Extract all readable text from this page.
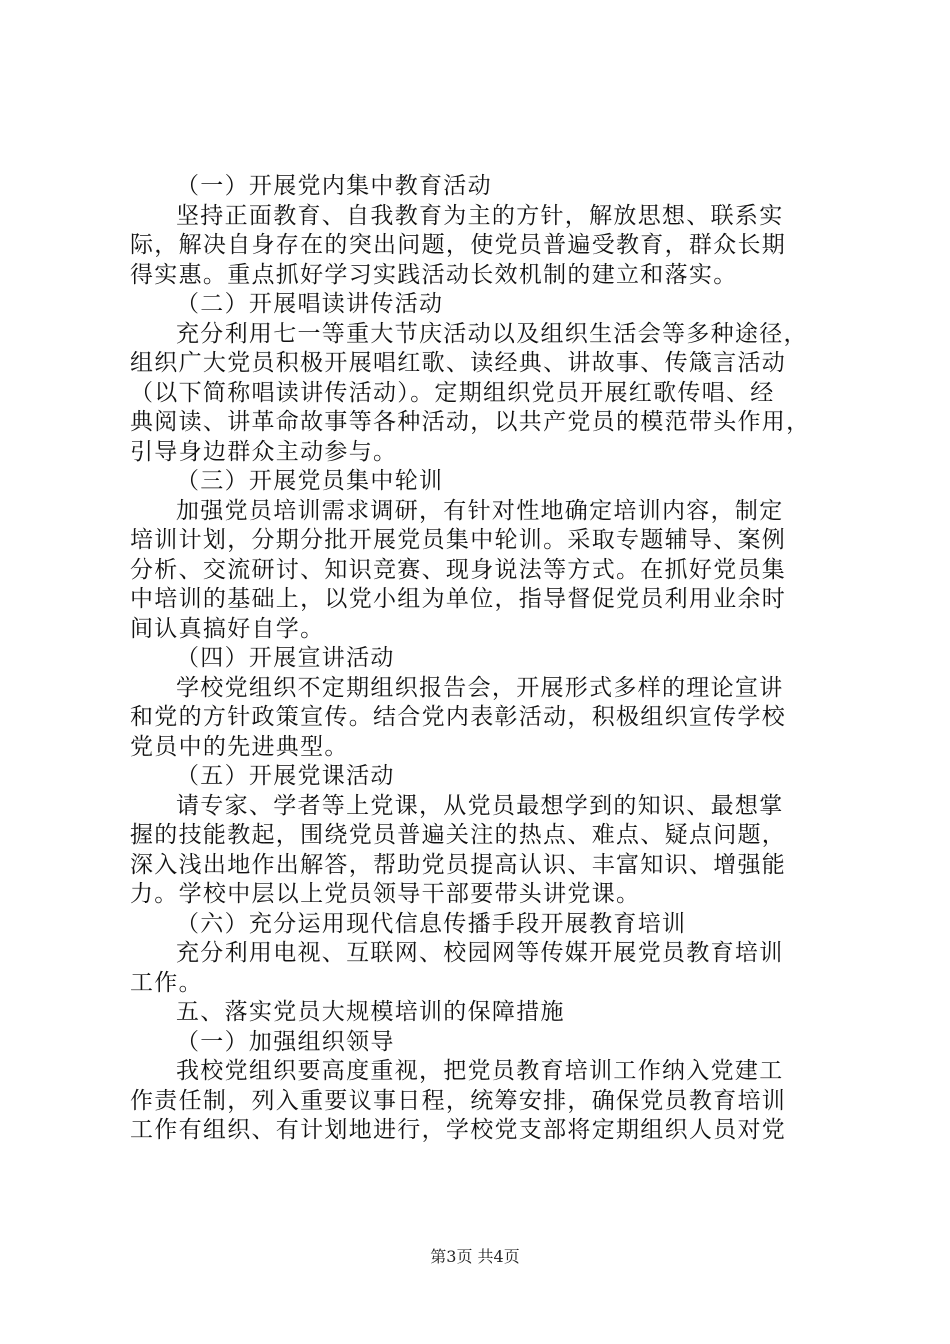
（一）开展党内集中教育活动
坚持正面教育、自我教育为主的方针，解放思想、联系实
际，解决自身存在的突出问题，使党员普遍受教育，群众长期
得实惠。重点抓好学习实践活动长效机制的建立和落实。
（二）开展唱读讲传活动
充分利用七一等重大节庆活动以及组织生活会等多种途径，
组织广大党员积极开展唱红歌、读经典、讲故事、传箴言活动
（以下简称唱读讲传活动）。定期组织党员开展红歌传唱、经
典阅读、讲革命故事等各种活动，以共产党员的模范带头作用，
引导身边群众主动参与。
（三）开展党员集中轮训
加强党员培训需求调研，有针对性地确定培训内容，制定
培训计划，分期分批开展党员集中轮训。采取专题辅导、案例
分析、交流研讨、知识竞赛、现身说法等方式。在抓好党员集
中培训的基础上，以党小组为单位，指导督促党员利用业余时
间认真搞好自学。
（四）开展宣讲活动
学校党组织不定期组织报告会，开展形式多样的理论宣讲
和党的方针政策宣传。结合党内表彰活动，积极组织宣传学校
党员中的先进典型。
（五）开展党课活动
请专家、学者等上党课，从党员最想学到的知识、最想掌
握的技能教起，围绕党员普遍关注的热点、难点、疑点问题，
深入浅出地作出解答，帮助党员提高认识、丰富知识、增强能
力。学校中层以上党员领导干部要带头讲党课。
（六）充分运用现代信息传播手段开展教育培训
充分利用电视、互联网、校园网等传媒开展党员教育培训
工作。
五、落实党员大规模培训的保障措施
（一）加强组织领导
我校党组织要高度重视，把党员教育培训工作纳入党建工
作责任制，列入重要议事日程，统筹安排，确保党员教育培训
工作有组织、有计划地进行，学校党支部将定期组织人员对党
第3页 共4页
